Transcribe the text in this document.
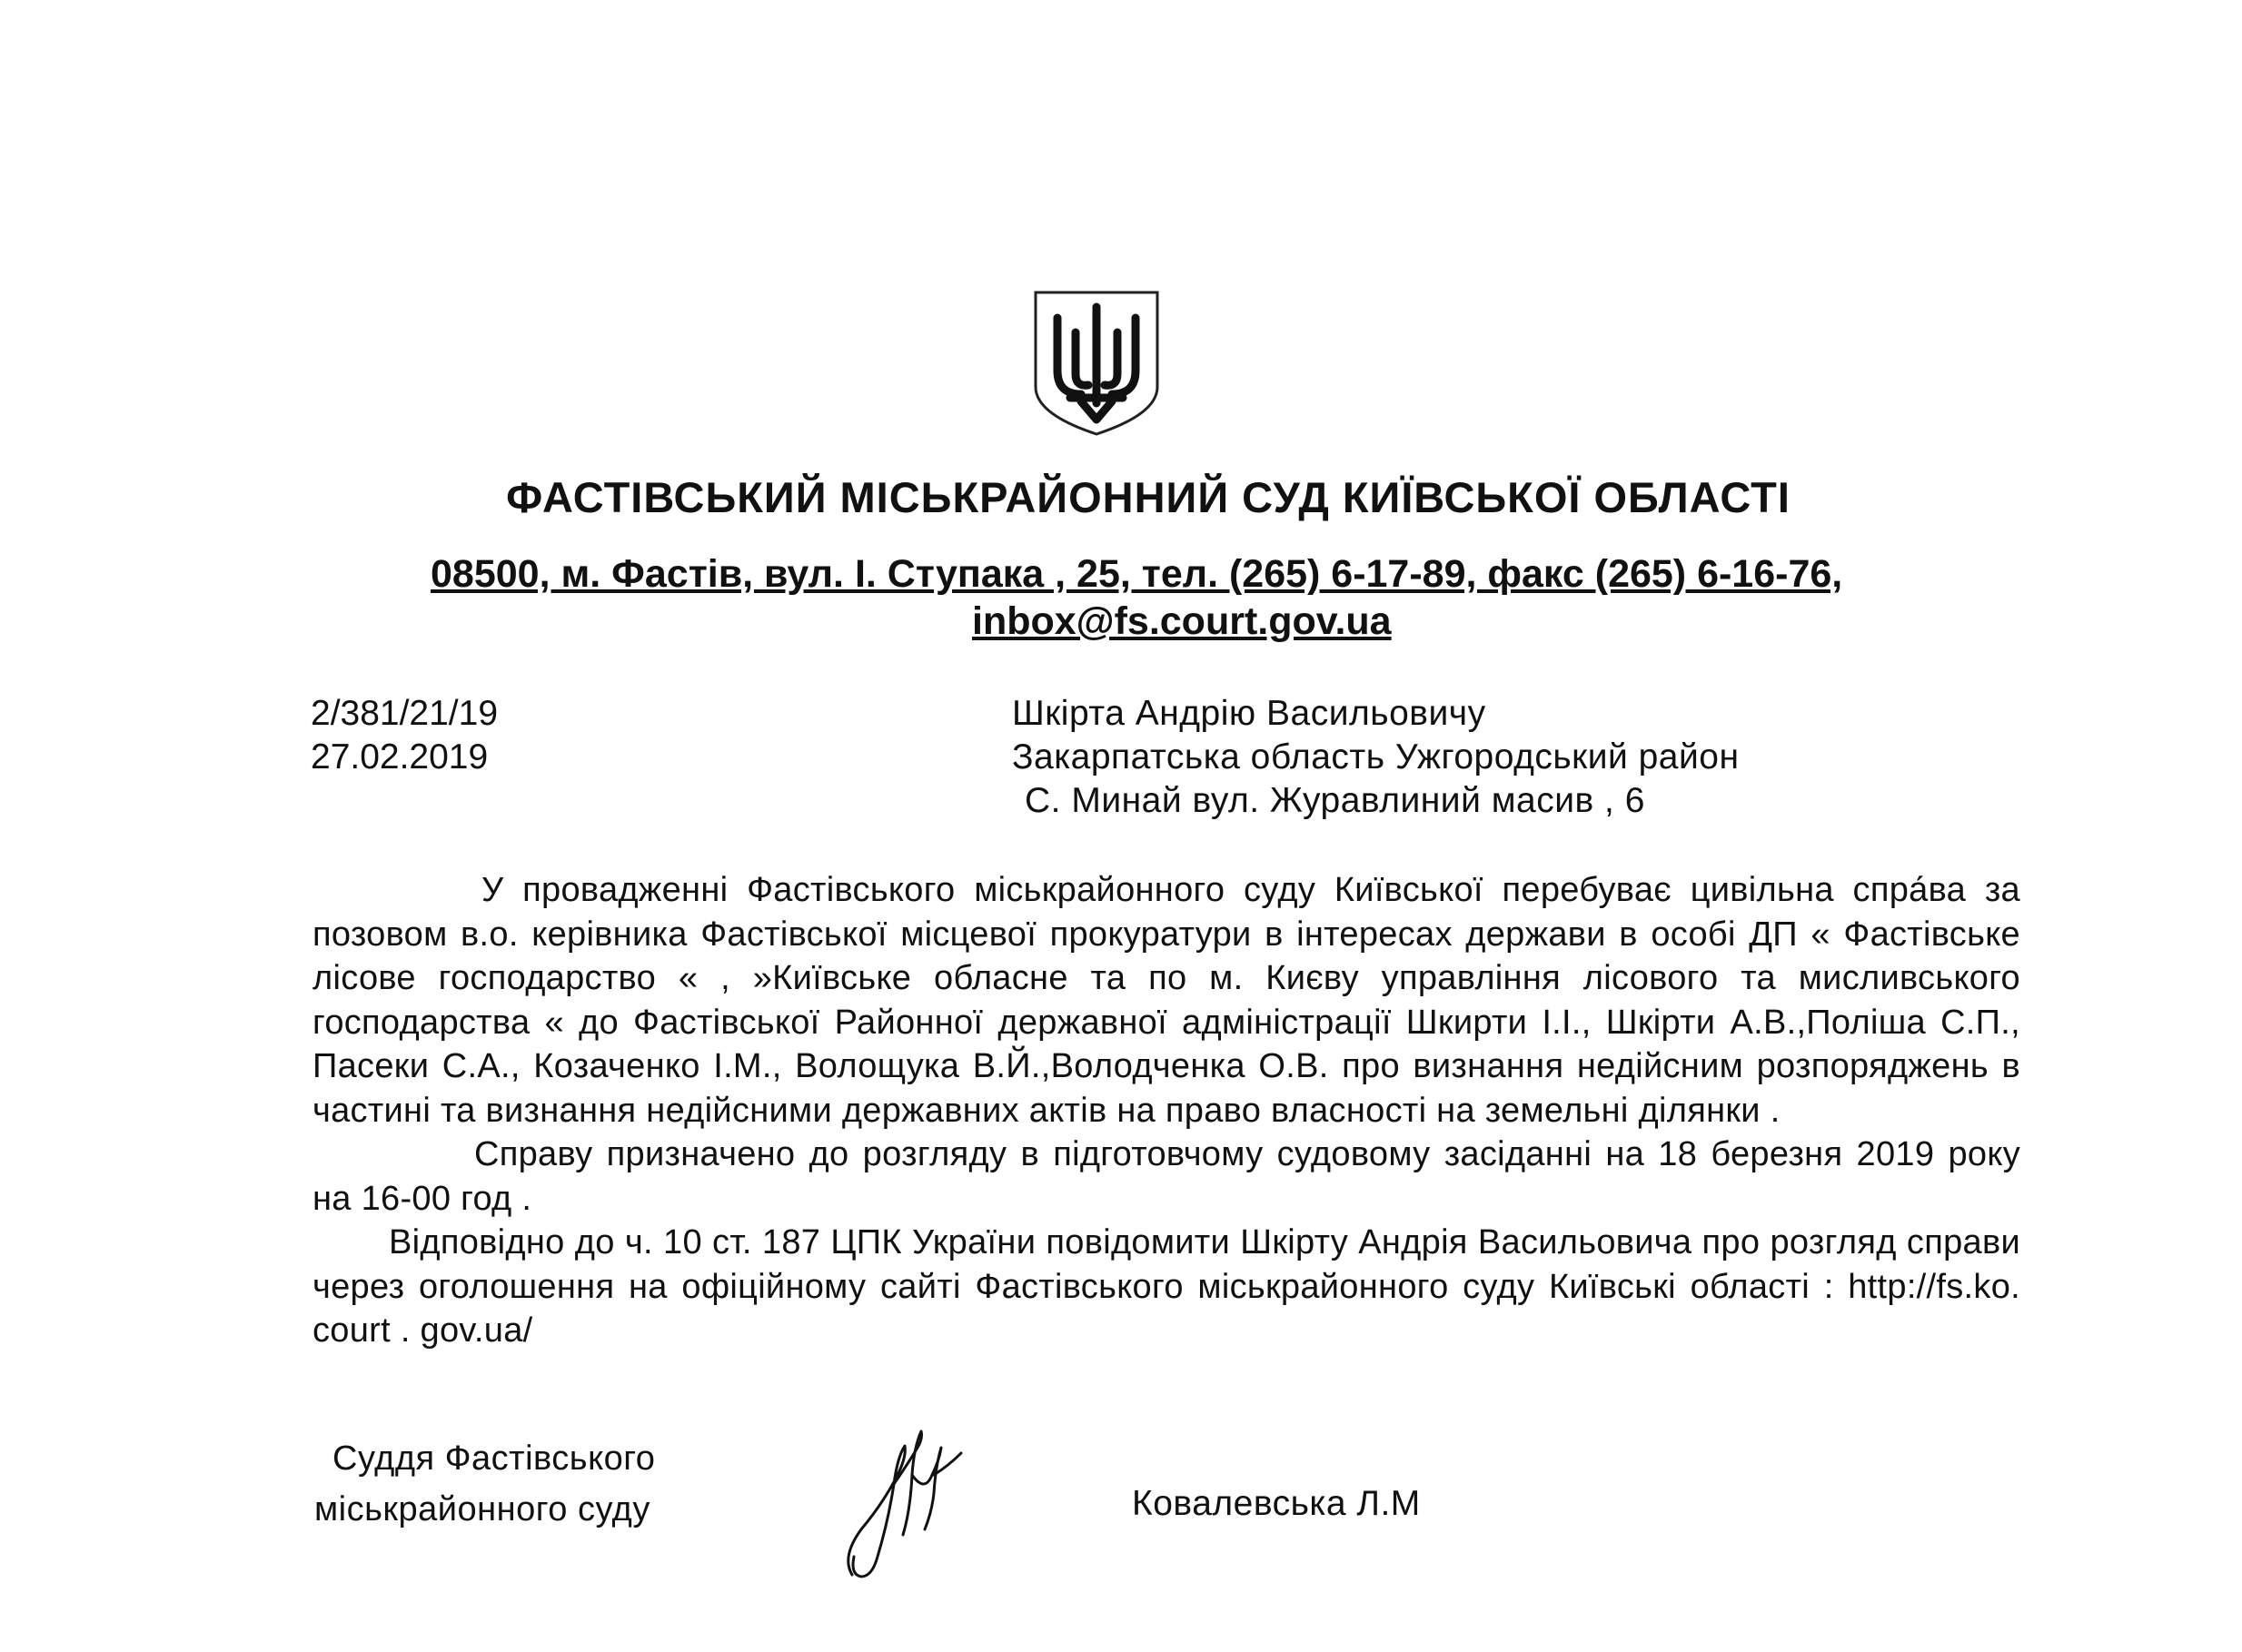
ФАСТІВСЬКИЙ МІСЬКРАЙОННИЙ СУД КИЇВСЬКОЇ ОБЛАСТІ
08500, м. Фастів, вул. І. Ступака , 25, тел. (265) 6-17-89, факс (265) 6-16-76,
inbox@fs.court.gov.ua
2/381/21/19
27.02.2019
Шкірта Андрію Васильовичу
Закарпатська область Ужгородський район
С. Минай вул. Журавлиний масив , 6

У провадженні Фастівського міськрайонного суду Київської перебуває цивільна спра́ва за позовом в.о. керівника Фастівської місцевої прокуратури в інтересах держави в особі ДП « Фастівське лісове господарство « , »Київське обласне та по м. Києву управління лісового та мисливського господарства « до Фастівської Районної державної адміністрації Шкирти І.І., Шкірти А.В.,Поліша С.П., Пасеки С.А., Козаченко І.М., Волощука В.Й.,Володченка О.В. про визнання недійсним розпоряджень в частині та визнання недійсними державних актів на право власності на земельні ділянки .

Справу призначено до розгляду в підготовчому судовому засіданні на 18 березня 2019 року на 16-00 год .

Відповідно до ч. 10 ст. 187 ЦПК України повідомити Шкірту Андрія Васильовича про розгляд справи через оголошення на офіційному сайті Фастівського міськрайонного суду Київські області : http://fs.ko. court . gov.ua/

Суддя Фастівського
міськрайонного суду	Ковалевська Л.М
